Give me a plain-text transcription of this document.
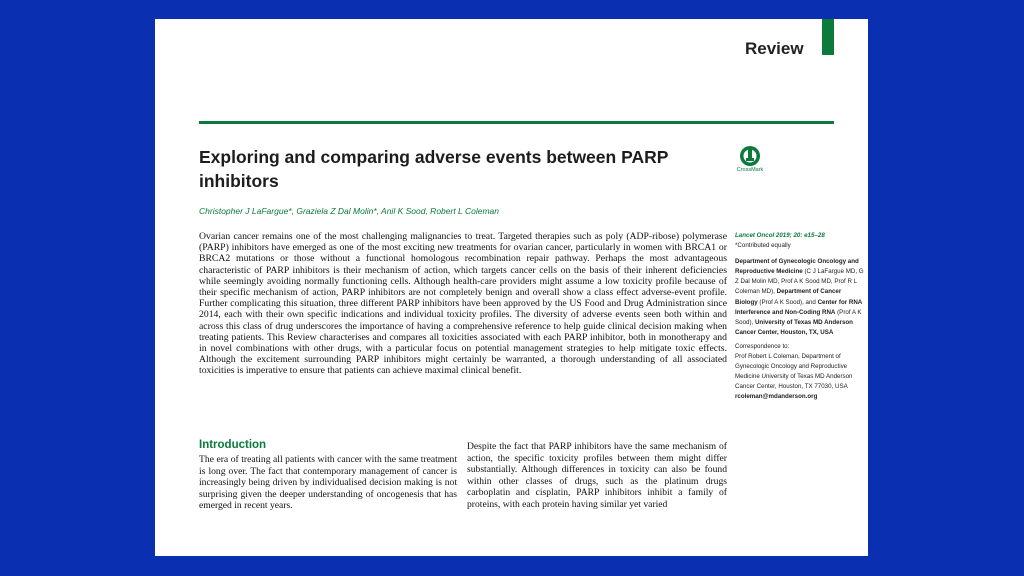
Review
Exploring and comparing adverse events between PARP inhibitors
CrossMark
Christopher J LaFargue*, Graziela Z Dal Molin*, Anil K Sood, Robert L Coleman

Ovarian cancer remains one of the most challenging malignancies to treat. Targeted therapies such as poly (ADP-ribose) polymerase (PARP) inhibitors have emerged as one of the most exciting new treatments for ovarian cancer, particularly in women with BRCA1 or BRCA2 mutations or those without a functional homologous recombination repair pathway. Perhaps the most advantageous characteristic of PARP inhibitors is their mechanism of action, which targets cancer cells on the basis of their inherent deficiencies while seemingly avoiding normally functioning cells. Although health-care providers might assume a low toxicity profile because of their specific mechanism of action, PARP inhibitors are not completely benign and overall show a class effect adverse-event profile. Further complicating this situation, three different PARP inhibitors have been approved by the US Food and Drug Administration since 2014, each with their own specific indications and individual toxicity profiles. The diversity of adverse events seen both within and across this class of drug underscores the importance of having a comprehensive reference to help guide clinical decision making when treating patients. This Review characterises and compares all toxicities associated with each PARP inhibitor, both in monotherapy and in novel combinations with other drugs, with a particular focus on potential management strategies to help mitigate toxic effects. Although the excitement surrounding PARP inhibitors might certainly be warranted, a thorough understanding of all associated toxicities is imperative to ensure that patients can achieve maximal clinical benefit.

Lancet Oncol 2019; 20: e15–28
*Contributed equally
Department of Gynecologic Oncology and Reproductive Medicine (C J LaFargue MD, G Z Dal Molin MD, Prof A K Sood MD, Prof R L Coleman MD), Department of Cancer Biology (Prof A K Sood), and Center for RNA Interference and Non-Coding RNA (Prof A K Sood), University of Texas MD Anderson Cancer Center, Houston, TX, USA
Correspondence to:
Prof Robert L Coleman, Department of Gynecologic Oncology and Reproductive Medicine University of Texas MD Anderson Cancer Center, Houston, TX 77030, USA
rcoleman@mdanderson.org
Introduction

The era of treating all patients with cancer with the same treatment is long over. The fact that contemporary management of cancer is increasingly being driven by individualised decision making is not surprising given the deeper understanding of oncogenesis that has emerged in recent years.

Despite the fact that PARP inhibitors have the same mechanism of action, the specific toxicity profiles between them might differ substantially. Although differences in toxicity can also be found within other classes of drugs, such as the platinum drugs carboplatin and cisplatin, PARP inhibitors inhibit a family of proteins, with each protein having similar yet varied
